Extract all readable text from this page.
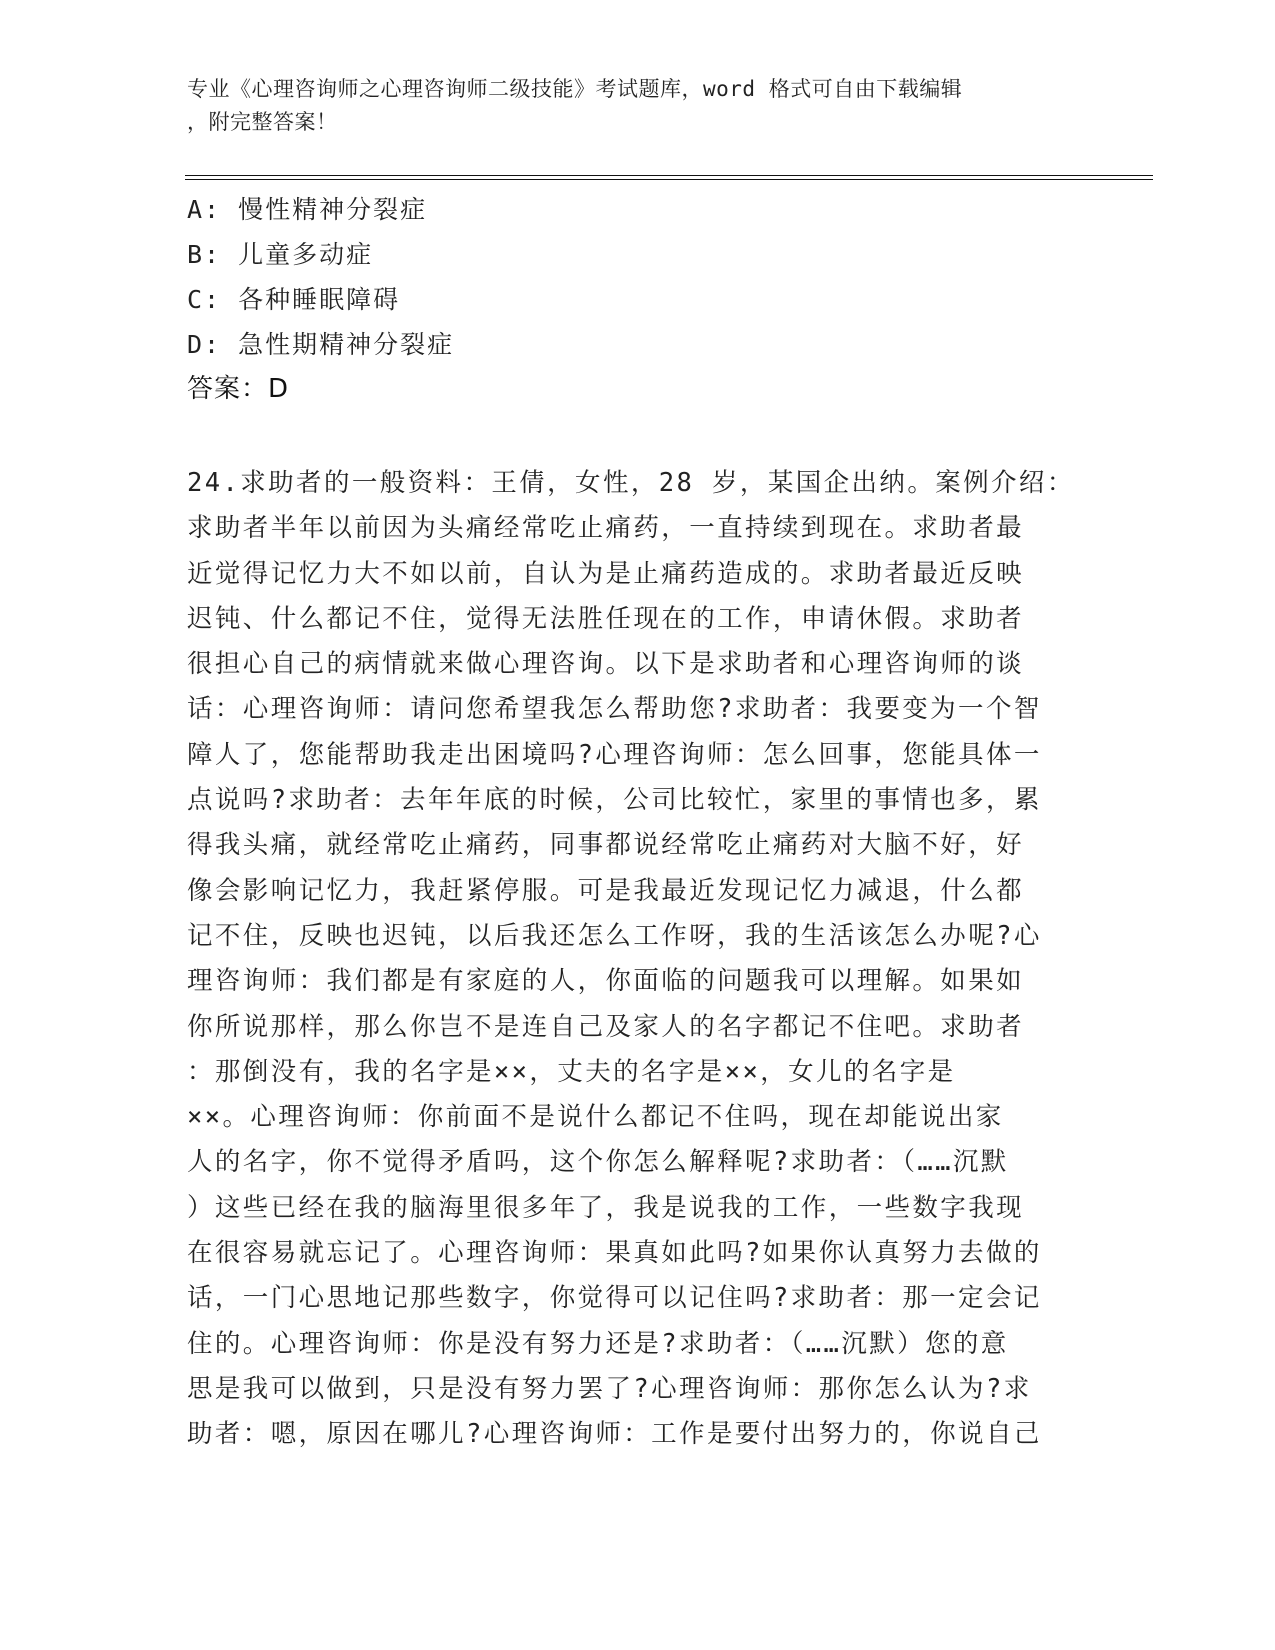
专业《心理咨询师之心理咨询师二级技能》考试题库，word 格式可自由下载编辑
，附完整答案！
A: 慢性精神分裂症
B: 儿童多动症
C: 各种睡眠障碍
D: 急性期精神分裂症
答案：D
24.求助者的一般资料：王倩，女性，28 岁，某国企出纳。案例介绍：
求助者半年以前因为头痛经常吃止痛药，一直持续到现在。求助者最
近觉得记忆力大不如以前，自认为是止痛药造成的。求助者最近反映
迟钝、什么都记不住，觉得无法胜任现在的工作，申请休假。求助者
很担心自己的病情就来做心理咨询。以下是求助者和心理咨询师的谈
话：心理咨询师：请问您希望我怎么帮助您?求助者：我要变为一个智
障人了，您能帮助我走出困境吗?心理咨询师：怎么回事，您能具体一
点说吗?求助者：去年年底的时候，公司比较忙，家里的事情也多，累
得我头痛，就经常吃止痛药，同事都说经常吃止痛药对大脑不好，好
像会影响记忆力，我赶紧停服。可是我最近发现记忆力减退，什么都
记不住，反映也迟钝，以后我还怎么工作呀，我的生活该怎么办呢?心
理咨询师：我们都是有家庭的人，你面临的问题我可以理解。如果如
你所说那样，那么你岂不是连自己及家人的名字都记不住吧。求助者
：那倒没有，我的名字是××，丈夫的名字是××，女儿的名字是
××。心理咨询师：你前面不是说什么都记不住吗，现在却能说出家
人的名字，你不觉得矛盾吗，这个你怎么解释呢?求助者：（……沉默
）这些已经在我的脑海里很多年了，我是说我的工作，一些数字我现
在很容易就忘记了。心理咨询师：果真如此吗?如果你认真努力去做的
话，一门心思地记那些数字，你觉得可以记住吗?求助者：那一定会记
住的。心理咨询师：你是没有努力还是?求助者：（……沉默）您的意
思是我可以做到，只是没有努力罢了?心理咨询师：那你怎么认为?求
助者：嗯，原因在哪儿?心理咨询师：工作是要付出努力的，你说自己
